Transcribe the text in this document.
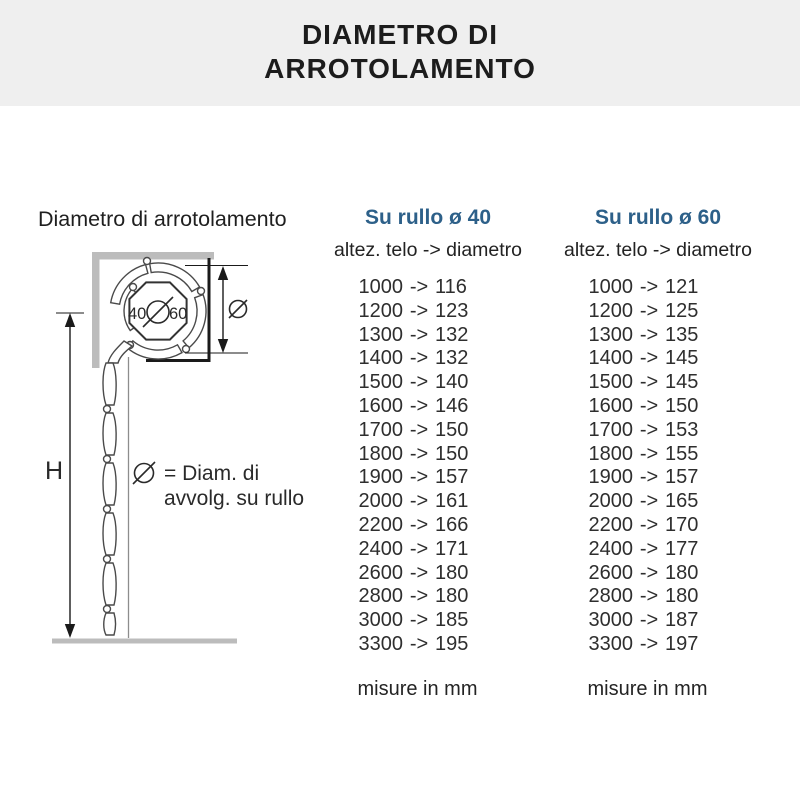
DIAMETRO DI
ARROTOLAMENTO
Diametro di arrotolamento
40 60
H	= Diam. di
avvolg. su rullo
Su rullo ø 40
altez. telo -> diametro
1000 -> 116
1200 -> 123
1300 -> 132
1400 -> 132
1500 -> 140
1600 -> 146
1700 -> 150
1800 -> 150
1900 -> 157
2000 -> 161
2200 -> 166
2400 -> 171
2600 -> 180
2800 -> 180
3000 -> 185
3300 -> 195
misure in mm
Su rullo ø 60
altez. telo -> diametro
1000 -> 121
1200 -> 125
1300 -> 135
1400 -> 145
1500 -> 145
1600 -> 150
1700 -> 153
1800 -> 155
1900 -> 157
2000 -> 165
2200 -> 170
2400 -> 177
2600 -> 180
2800 -> 180
3000 -> 187
3300 -> 197
misure in mm
